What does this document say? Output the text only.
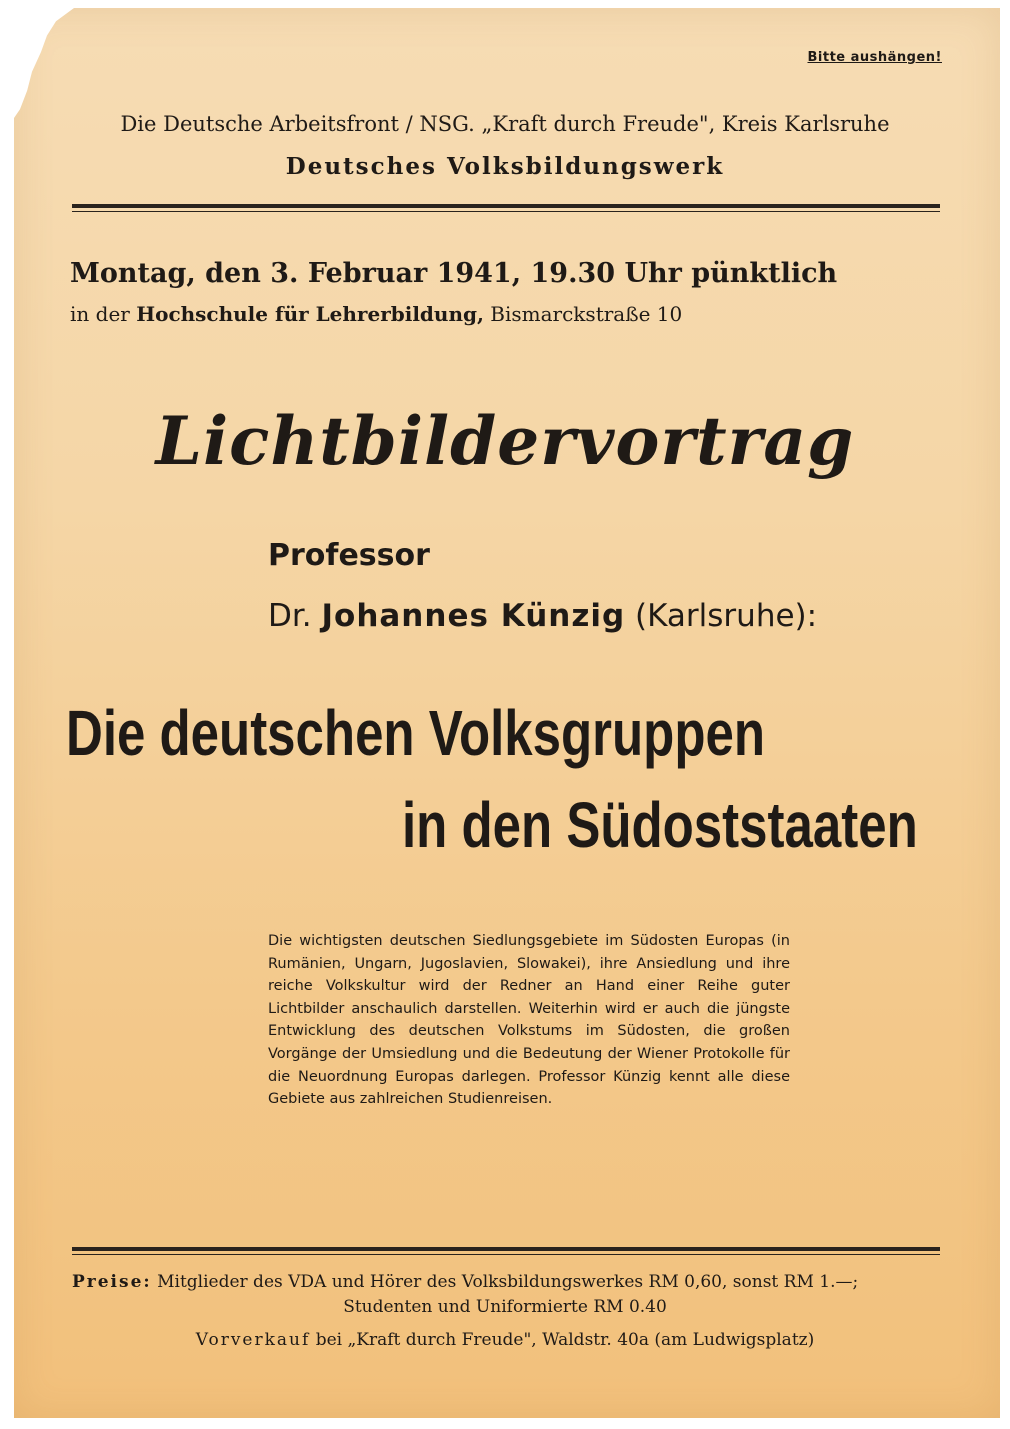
Bitte aushängen!
Die Deutsche Arbeitsfront / NSG. „Kraft durch Freude", Kreis Karlsruhe
Deutsches Volksbildungswerk
Montag, den 3. Februar 1941, 19.30 Uhr pünktlich
in der Hochschule für Lehrerbildung, Bismarckstraße 10
Lichtbildervortrag
Professor
Dr. Johannes Künzig (Karlsruhe):
Die deutschen Volksgruppen
in den Südoststaaten
Die wichtigsten deutschen Siedlungsgebiete im Südosten Europas (in Rumänien, Ungarn, Jugoslavien, Slowakei), ihre Ansiedlung und ihre reiche Volkskultur wird der Redner an Hand einer Reihe guter Lichtbilder anschaulich darstellen. Weiterhin wird er auch die jüngste Entwicklung des deutschen Volkstums im Südosten, die großen Vorgänge der Umsiedlung und die Bedeutung der Wiener Protokolle für die Neuordnung Europas darlegen. Professor Künzig kennt alle diese Gebiete aus zahlreichen Studienreisen.
Preise: Mitglieder des VDA und Hörer des Volksbildungswerkes RM 0,60, sonst RM 1.—;
Studenten und Uniformierte RM 0.40
Vorverkauf bei „Kraft durch Freude", Waldstr. 40a (am Ludwigsplatz)
